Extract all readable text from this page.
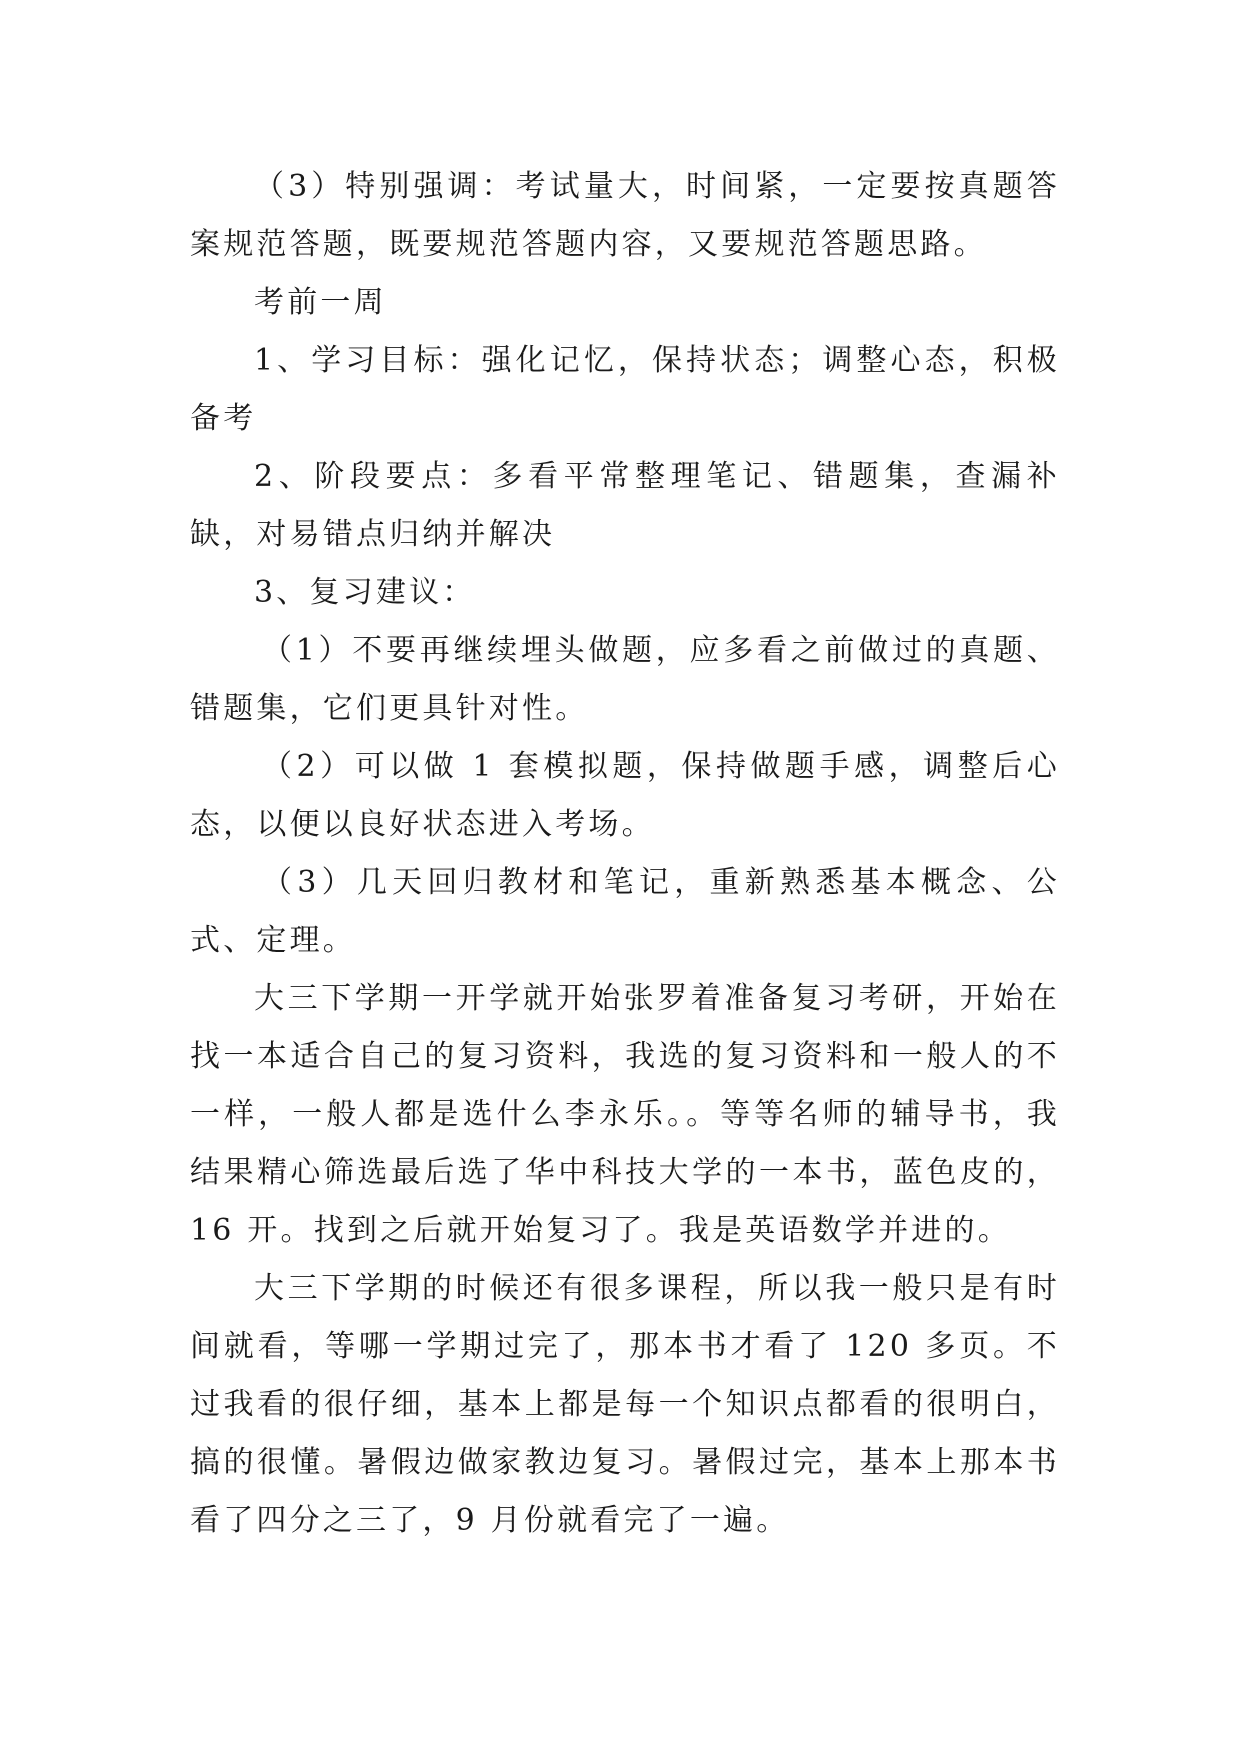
（3）特别强调：考试量大，时间紧，一定要按真题答案规范答题，既要规范答题内容，又要规范答题思路。

考前一周

1、学习目标：强化记忆，保持状态；调整心态，积极备考

2、阶段要点：多看平常整理笔记、错题集，查漏补缺，对易错点归纳并解决

3、复习建议：

（1）不要再继续埋头做题，应多看之前做过的真题、错题集，它们更具针对性。

（2）可以做 1 套模拟题，保持做题手感，调整后心态，以便以良好状态进入考场。

（3）几天回归教材和笔记，重新熟悉基本概念、公式、定理。

大三下学期一开学就开始张罗着准备复习考研，开始在找一本适合自己的复习资料，我选的复习资料和一般人的不一样，一般人都是选什么李永乐。。等等名师的辅导书，我结果精心筛选最后选了华中科技大学的一本书，蓝色皮的，16 开。找到之后就开始复习了。我是英语数学并进的。

大三下学期的时候还有很多课程，所以我一般只是有时间就看，等哪一学期过完了，那本书才看了 120 多页。不过我看的很仔细，基本上都是每一个知识点都看的很明白，搞的很懂。暑假边做家教边复习。暑假过完，基本上那本书看了四分之三了，9 月份就看完了一遍。
